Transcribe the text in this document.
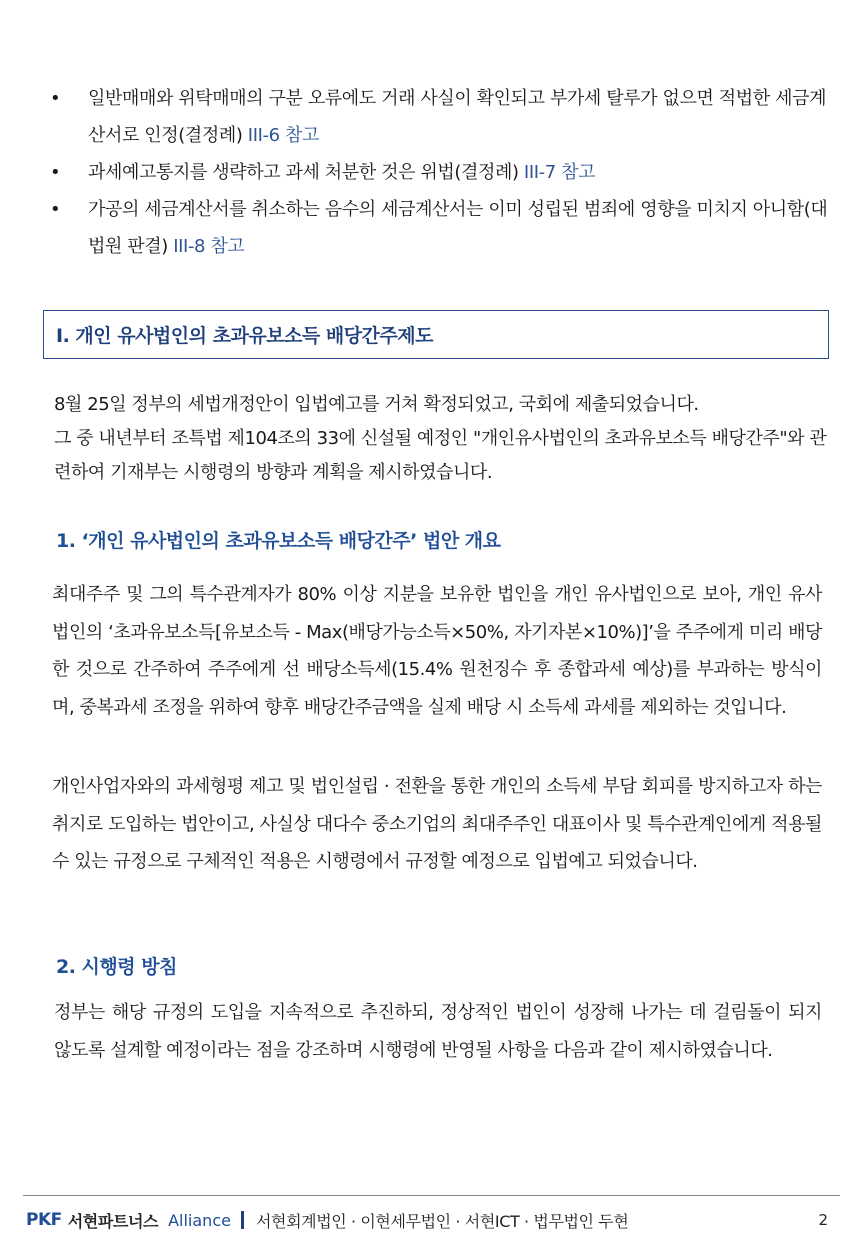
• 일반매매와 위탁매매의 구분 오류에도 거래 사실이 확인되고 부가세 탈루가 없으면 적법한 세금계산서로 인정(결정례) III-6 참고
• 과세예고통지를 생략하고 과세 처분한 것은 위법(결정례) III-7 참고
• 가공의 세금계산서를 취소하는 음수의 세금계산서는 이미 성립된 범죄에 영향을 미치지 아니함(대법원 판결) III-8 참고
I. 개인 유사법인의 초과유보소득 배당간주제도

8월 25일 정부의 세법개정안이 입법예고를 거쳐 확정되었고, 국회에 제출되었습니다.
그 중 내년부터 조특법 제104조의 33에 신설될 예정인 "개인유사법인의 초과유보소득 배당간주"와 관련하여 기재부는 시행령의 방향과 계획을 제시하였습니다.

1. ‘개인 유사법인의 초과유보소득 배당간주’ 법안 개요

최대주주 및 그의 특수관계자가 80% 이상 지분을 보유한 법인을 개인 유사법인으로 보아, 개인 유사법인의 ‘초과유보소득[유보소득 - Max(배당가능소득×50%, 자기자본×10%)]’을 주주에게 미리 배당한 것으로 간주하여 주주에게 선 배당소득세(15.4% 원천징수 후 종합과세 예상)를 부과하는 방식이며, 중복과세 조정을 위하여 향후 배당간주금액을 실제 배당 시 소득세 과세를 제외하는 것입니다.

개인사업자와의 과세형평 제고 및 법인설립 · 전환을 통한 개인의 소득세 부담 회피를 방지하고자 하는 취지로 도입하는 법안이고, 사실상 대다수 중소기업의 최대주주인 대표이사 및 특수관계인에게 적용될 수 있는 규정으로 구체적인 적용은 시행령에서 규정할 예정으로 입법예고 되었습니다.

2. 시행령 방침

정부는 해당 규정의 도입을 지속적으로 추진하되, 정상적인 법인이 성장해 나가는 데 걸림돌이 되지 않도록 설계할 예정이라는 점을 강조하며 시행령에 반영될 사항을 다음과 같이 제시하였습니다.

PKF 서현파트너스 Alliance 서현회계법인 · 이현세무법인 · 서현ICT · 법무법인 두현	2
